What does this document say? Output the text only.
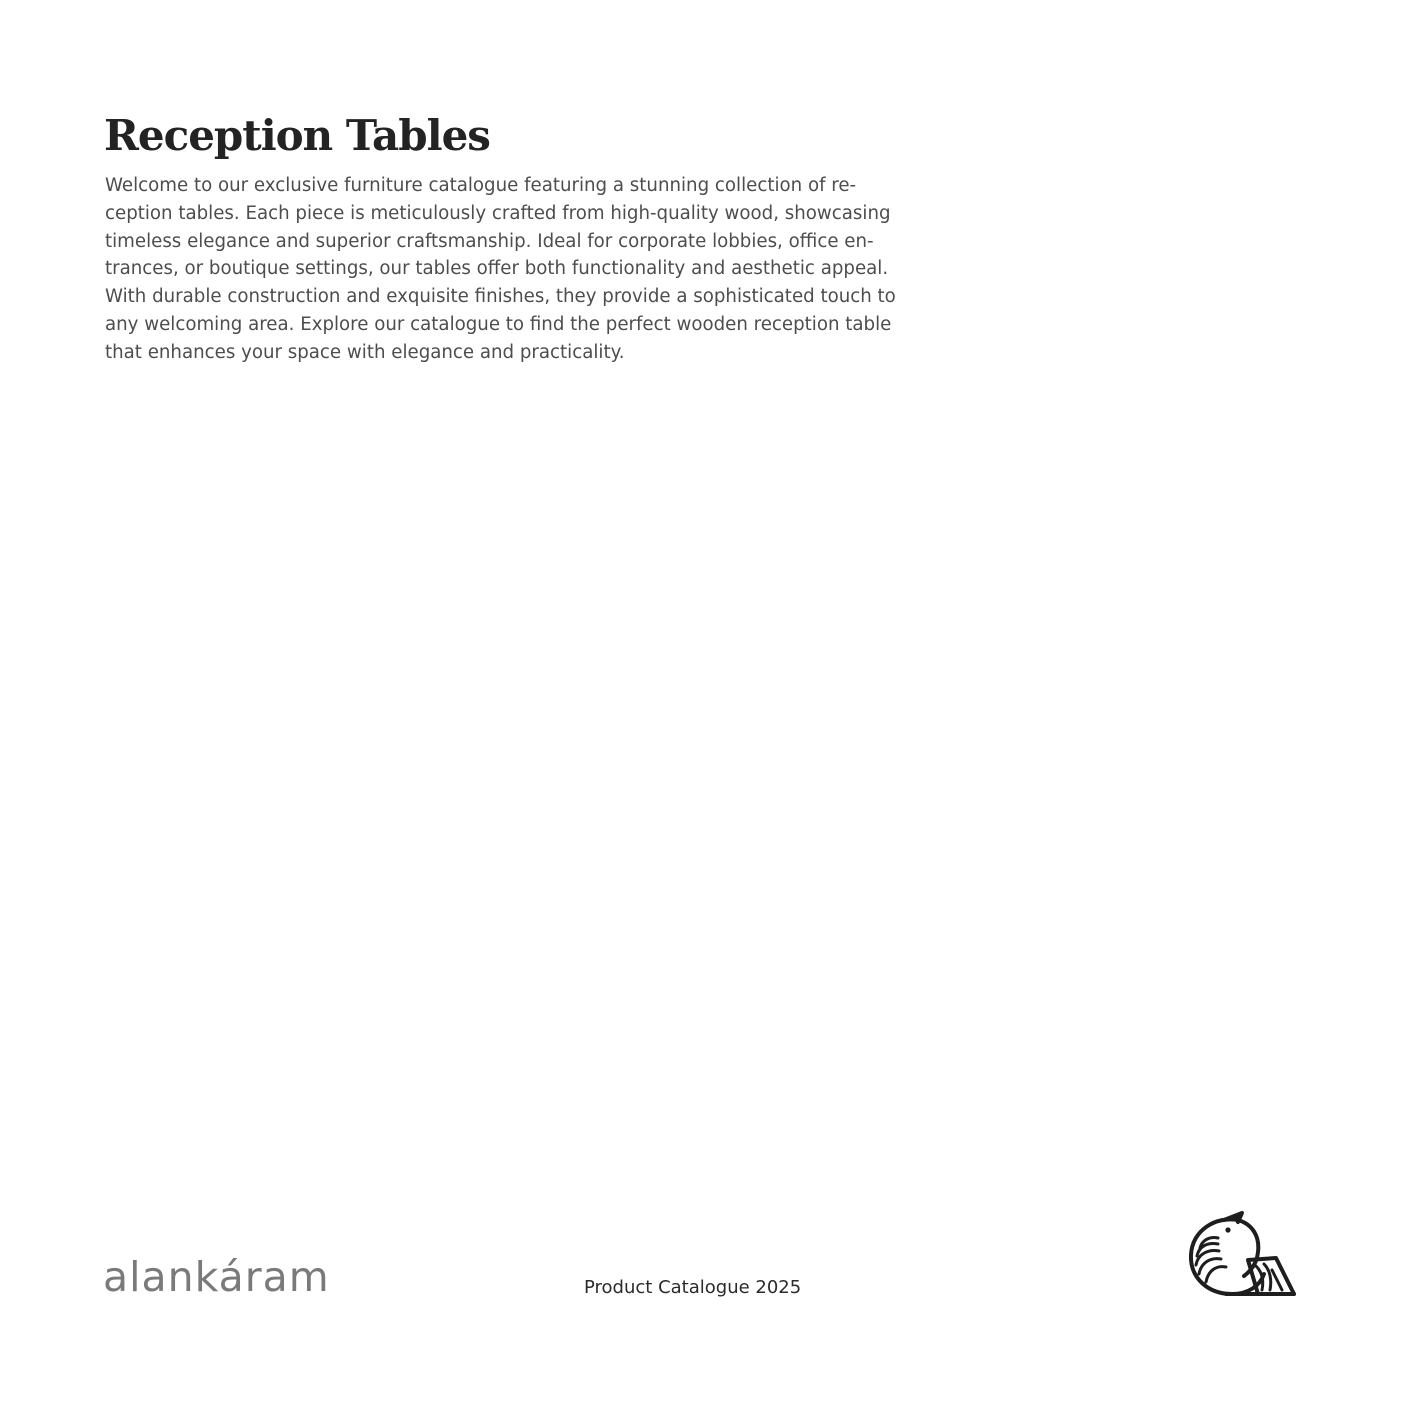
Reception Tables

Welcome to our exclusive furniture catalogue featuring a stunning collection of re-
ception tables. Each piece is meticulously crafted from high-quality wood, showcasing
timeless elegance and superior craftsmanship. Ideal for corporate lobbies, office en-
trances, or boutique settings, our tables offer both functionality and aesthetic appeal.
With durable construction and exquisite finishes, they provide a sophisticated touch to
any welcoming area. Explore our catalogue to find the perfect wooden reception table
that enhances your space with elegance and practicality.

alankáram	Product Catalogue 2025
